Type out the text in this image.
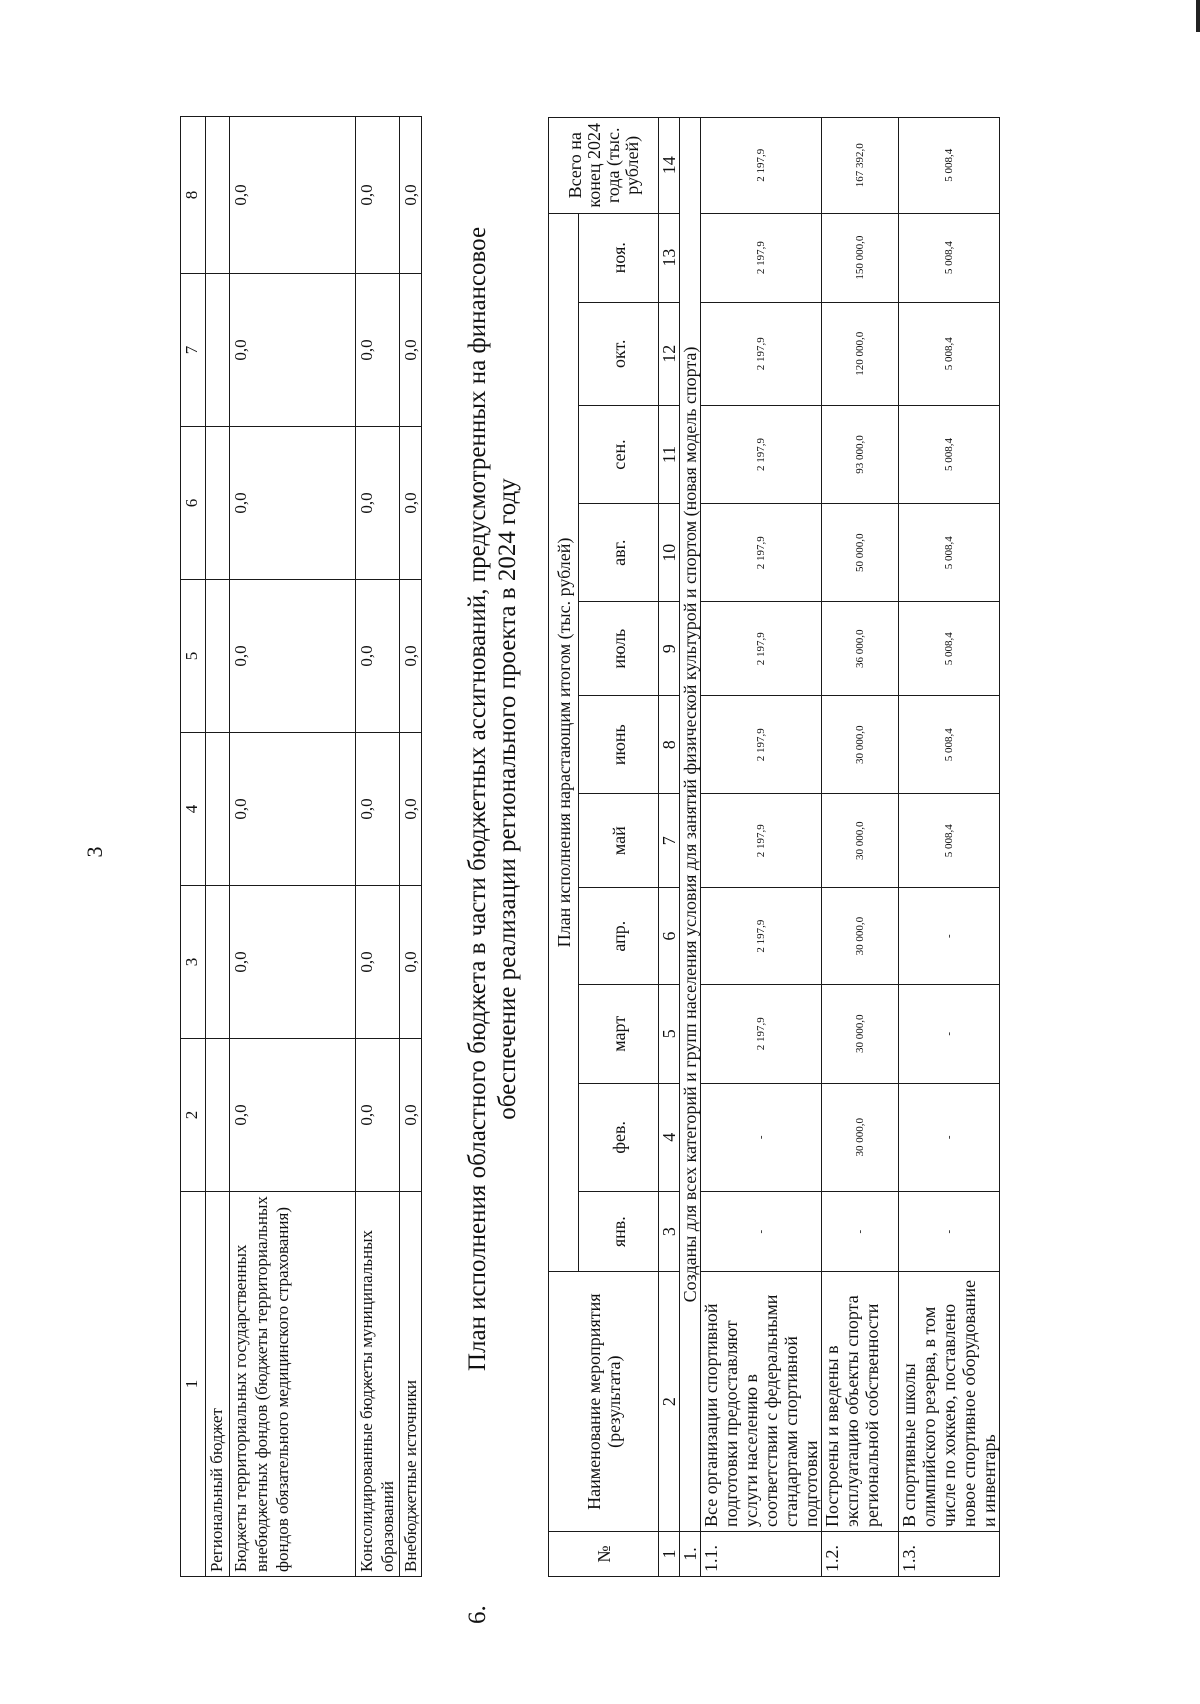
3
1	2	3	4	5	6	7	8
Региональный бюджет							
Бюджеты территориальных государственных внебюджетных фондов (бюджеты территориальных фондов обязательного медицинского страхования)	0,0	0,0	0,0	0,0	0,0	0,0	0,0
Консолидированные бюджеты муниципальных образований	0,0	0,0	0,0	0,0	0,0	0,0	0,0
Внебюджетные источники	0,0	0,0	0,0	0,0	0,0	0,0	0,0
6.
План исполнения областного бюджета в части бюджетных ассигнований, предусмотренных на финансовое обеспечение реализации регионального проекта в 2024 году
№	Наименование мероприятия (результата)	План исполнения нарастающим итогом (тыс. рублей)											Всего на конец 2024 года (тыс. рублей)
		янв.	фев.	март	апр.	май	июнь	июль	авг.	сен.	окт.	ноя.	
1	2	3	4	5	6	7	8	9	10	11	12	13	14
1.	Созданы для всех категорий и групп населения условия для занятий физической культурой и спортом (новая модель спорта)												
1.1.	Все организации спортивной подготовки предоставляют услуги населению в соответствии с федеральными стандартами спортивной подготовки	-	-	2 197,9	2 197,9	2 197,9	2 197,9	2 197,9	2 197,9	2 197,9	2 197,9	2 197,9	2 197,9
1.2.	Построены и введены в эксплуатацию объекты спорта региональной собственности	-	30 000,0	30 000,0	30 000,0	30 000,0	30 000,0	36 000,0	50 000,0	93 000,0	120 000,0	150 000,0	167 392,0
1.3.	В спортивные школы олимпийского резерва, в том числе по хоккею, поставлено новое спортивное оборудование и инвентарь	-	-	-	-	5 008,4	5 008,4	5 008,4	5 008,4	5 008,4	5 008,4	5 008,4	5 008,4
